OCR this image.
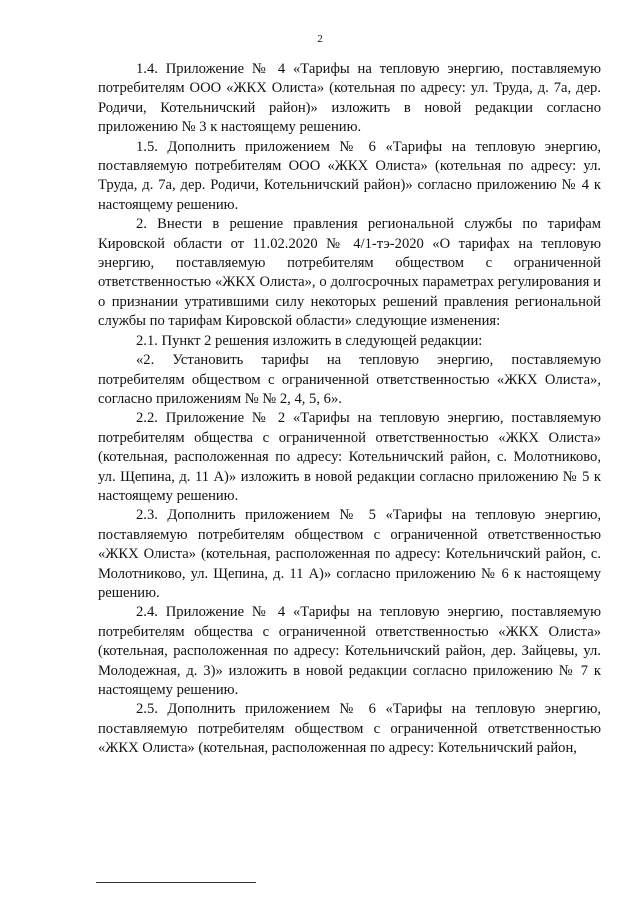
2

1.4. Приложение № 4 «Тарифы на тепловую энергию, поставляемую потребителям ООО «ЖКХ Олиста» (котельная по адресу: ул. Труда, д. 7а, дер. Родичи, Котельничский район)» изложить в новой редакции согласно приложению № 3 к настоящему решению.

1.5. Дополнить приложением № 6 «Тарифы на тепловую энергию, поставляемую потребителям ООО «ЖКХ Олиста» (котельная по адресу: ул. Труда, д. 7а, дер. Родичи, Котельничский район)» согласно приложению № 4 к настоящему решению.

2. Внести в решение правления региональной службы по тарифам Кировской области от 11.02.2020 № 4/1-тэ-2020 «О тарифах на тепловую энергию, поставляемую потребителям обществом с ограниченной ответственностью «ЖКХ Олиста», о долгосрочных параметрах регулирования и о признании утратившими силу некоторых решений правления региональной службы по тарифам Кировской области» следующие изменения:

2.1. Пункт 2 решения изложить в следующей редакции:

«2. Установить тарифы на тепловую энергию, поставляемую потребителям обществом с ограниченной ответственностью «ЖКХ Олиста», согласно приложениям № № 2, 4, 5, 6».

2.2. Приложение № 2 «Тарифы на тепловую энергию, поставляемую потребителям общества с ограниченной ответственностью «ЖКХ Олиста» (котельная, расположенная по адресу: Котельничский район, с. Молотниково, ул. Щепина, д. 11 А)» изложить в новой редакции согласно приложению № 5 к настоящему решению.

2.3. Дополнить приложением № 5 «Тарифы на тепловую энергию, поставляемую потребителям обществом с ограниченной ответственностью «ЖКХ Олиста» (котельная, расположенная по адресу: Котельничский район, с. Молотниково, ул. Щепина, д. 11 А)» согласно приложению № 6 к настоящему решению.

2.4. Приложение № 4 «Тарифы на тепловую энергию, поставляемую потребителям общества с ограниченной ответственностью «ЖКХ Олиста» (котельная, расположенная по адресу: Котельничский район, дер. Зайцевы, ул. Молодежная, д. 3)» изложить в новой редакции согласно приложению № 7 к настоящему решению.

2.5. Дополнить приложением № 6 «Тарифы на тепловую энергию, поставляемую потребителям обществом с ограниченной ответственностью «ЖКХ Олиста» (котельная, расположенная по адресу: Котельничский район,
